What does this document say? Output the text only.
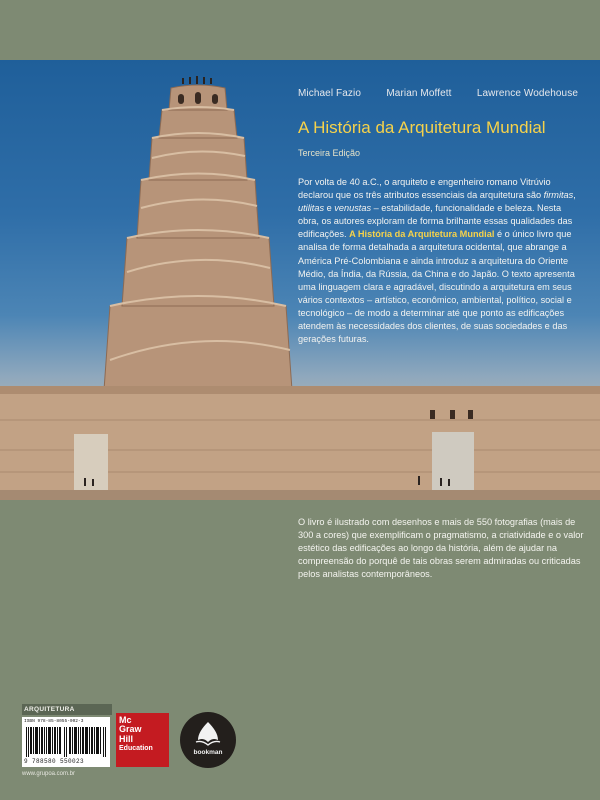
Michael Fazio	Marian Moffett	Lawrence Wodehouse
A História da Arquitetura Mundial
Terceira Edição

Por volta de 40 a.C., o arquiteto e engenheiro romano Vitrúvio declarou que os três atributos essenciais da arquitetura são firmitas, utilitas e venustas – estabilidade, funcionalidade e beleza. Nesta obra, os autores exploram de forma brilhante essas qualidades das edificações. A História da Arquitetura Mundial é o único livro que analisa de forma detalhada a arquitetura ocidental, que abrange a América Pré-Colombiana e ainda introduz a arquitetura do Oriente Médio, da Índia, da Rússia, da China e do Japão. O texto apresenta uma linguagem clara e agradável, discutindo a arquitetura em seus vários contextos – artístico, econômico, ambiental, político, social e tecnológico – de modo a determinar até que ponto as edificações atendem às necessidades dos clientes, de suas sociedades e das gerações futuras.

O livro é ilustrado com desenhos e mais de 550 fotografias (mais de 300 a cores) que exemplificam o pragmatismo, a criatividade e o valor estético das edificações ao longo da história, além de ajudar na compreensão do porquê de tais obras serem admiradas ou criticadas pelos analistas contemporâneos.

ARQUITETURA
ISBN 978-85-8055-002-3
9 788580 550023
www.grupoa.com.br
Mc
Graw
Hill
Education
bookman
